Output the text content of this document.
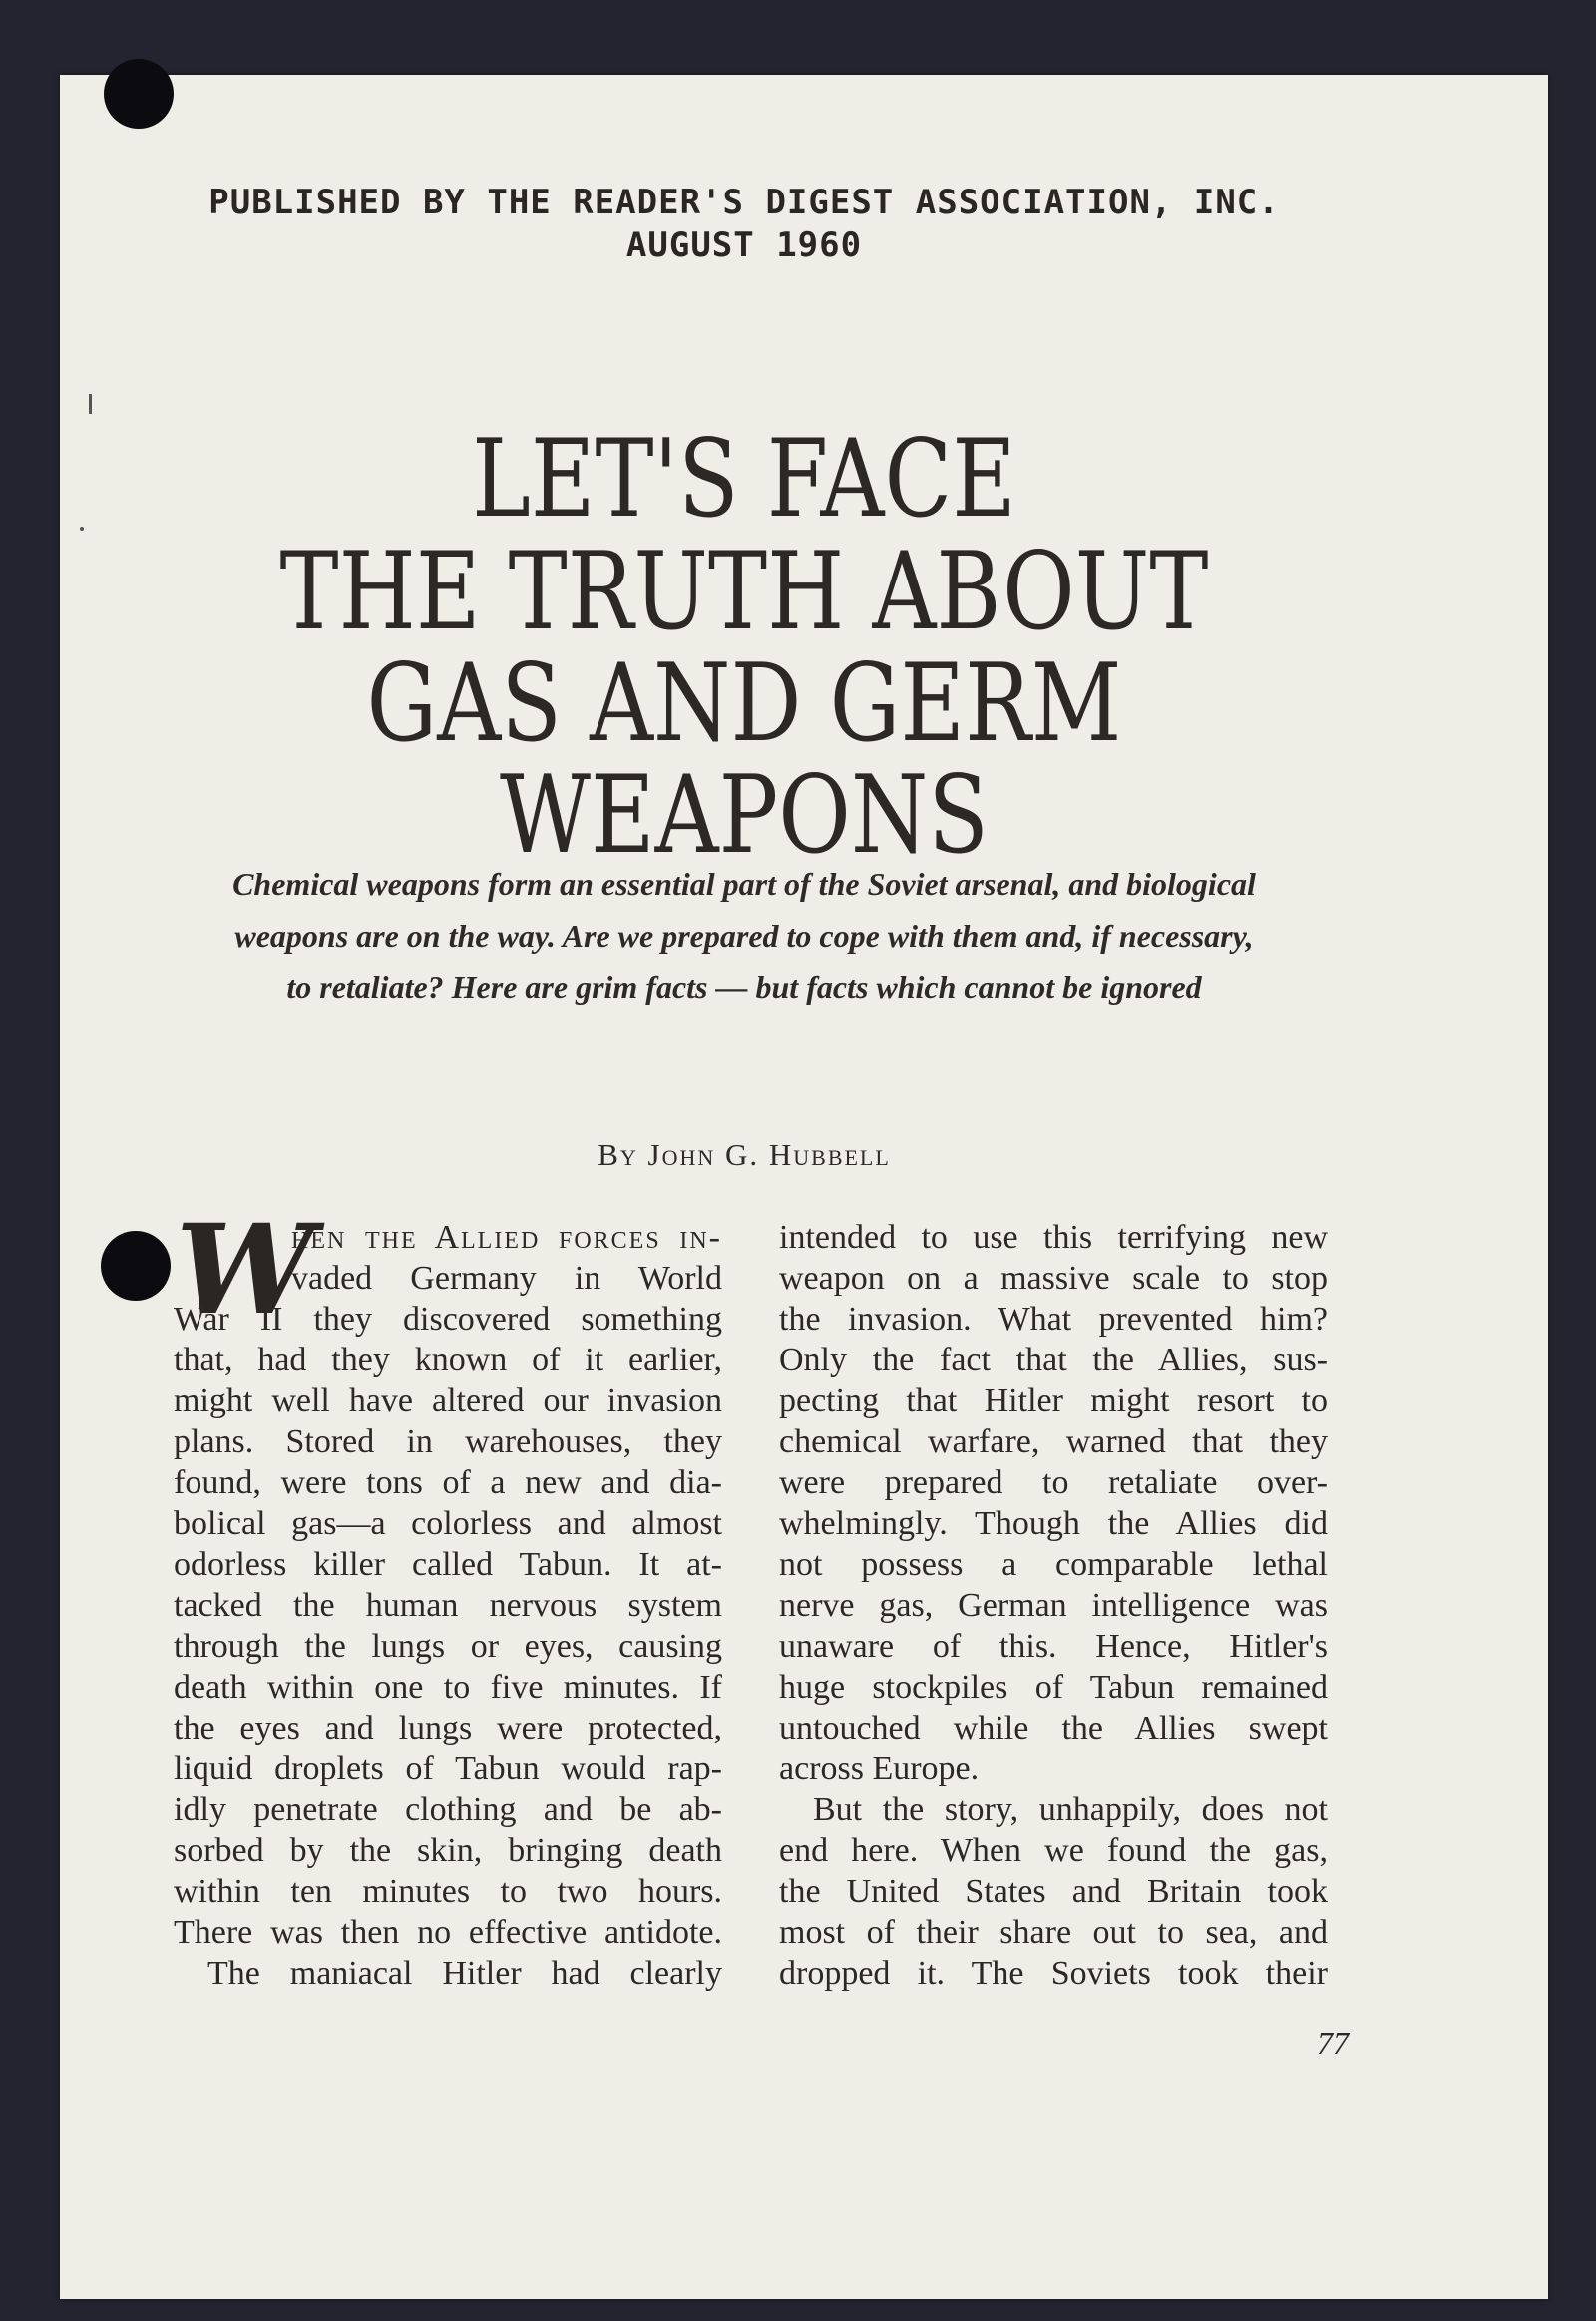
PUBLISHED BY THE READER'S DIGEST ASSOCIATION, INC.
AUGUST 1960
LET'S FACE
THE TRUTH ABOUT
GAS AND GERM WEAPONS
Chemical weapons form an essential part of the Soviet arsenal, and biological
weapons are on the way. Are we prepared to cope with them and, if necessary,
to retaliate? Here are grim facts — but facts which cannot be ignored
By John G. Hubbell
W
hen the Allied forces in-
vaded Germany in World
War II they discovered something
that, had they known of it earlier,
might well have altered our invasion
plans. Stored in warehouses, they
found, were tons of a new and dia-
bolical gas—a colorless and almost
odorless killer called Tabun. It at-
tacked the human nervous system
through the lungs or eyes, causing
death within one to five minutes. If
the eyes and lungs were protected,
liquid droplets of Tabun would rap-
idly penetrate clothing and be ab-
sorbed by the skin, bringing death
within ten minutes to two hours.
There was then no effective antidote.
The maniacal Hitler had clearly
intended to use this terrifying new
weapon on a massive scale to stop
the invasion. What prevented him?
Only the fact that the Allies, sus-
pecting that Hitler might resort to
chemical warfare, warned that they
were prepared to retaliate over-
whelmingly. Though the Allies did
not possess a comparable lethal
nerve gas, German intelligence was
unaware of this. Hence, Hitler's
huge stockpiles of Tabun remained
untouched while the Allies swept
across Europe.
But the story, unhappily, does not
end here. When we found the gas,
the United States and Britain took
most of their share out to sea, and
dropped it. The Soviets took their
77
